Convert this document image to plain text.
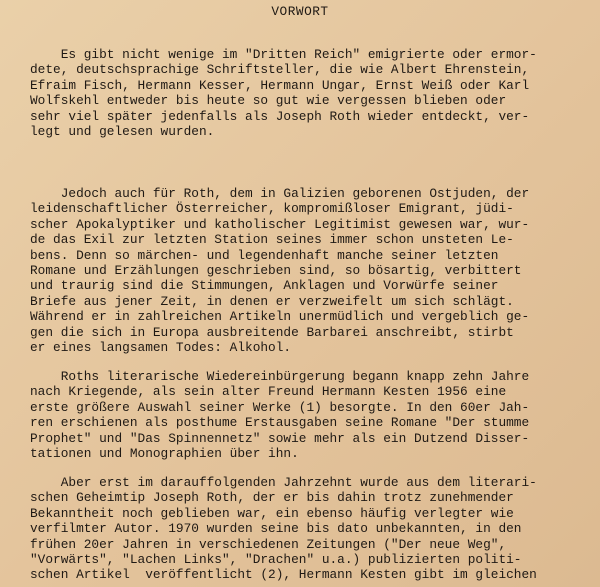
VORWORT
Es gibt nicht wenige im "Dritten Reich" emigrierte oder ermor-
dete, deutschsprachige Schriftsteller, die wie Albert Ehrenstein,
Efraim Fisch, Hermann Kesser, Hermann Ungar, Ernst Weiß oder Karl
Wolfskehl entweder bis heute so gut wie vergessen blieben oder
sehr viel später jedenfalls als Joseph Roth wieder entdeckt, ver-
legt und gelesen wurden.
Jedoch auch für Roth, dem in Galizien geborenen Ostjuden, der
leidenschaftlicher Österreicher, kompromißloser Emigrant, jüdi-
scher Apokalyptiker und katholischer Legitimist gewesen war, wur-
de das Exil zur letzten Station seines immer schon unsteten Le-
bens. Denn so märchen- und legendenhaft manche seiner letzten
Romane und Erzählungen geschrieben sind, so bösartig, verbittert
und traurig sind die Stimmungen, Anklagen und Vorwürfe seiner
Briefe aus jener Zeit, in denen er verzweifelt um sich schlägt.
Während er in zahlreichen Artikeln unermüdlich und vergeblich ge-
gen die sich in Europa ausbreitende Barbarei anschreibt, stirbt
er eines langsamen Todes: Alkohol.
Roths literarische Wiedereinbürgerung begann knapp zehn Jahre
nach Kriegende, als sein alter Freund Hermann Kesten 1956 eine
erste größere Auswahl seiner Werke (1) besorgte. In den 60er Jah-
ren erschienen als posthume Erstausgaben seine Romane "Der stumme
Prophet" und "Das Spinnennetz" sowie mehr als ein Dutzend Disser-
tationen und Monographien über ihn.
Aber erst im darauffolgenden Jahrzehnt wurde aus dem literari-
schen Geheimtip Joseph Roth, der er bis dahin trotz zunehmender
Bekanntheit noch geblieben war, ein ebenso häufig verlegter wie
verfilmter Autor. 1970 wurden seine bis dato unbekannten, in den
frühen 20er Jahren in verschiedenen Zeitungen ("Der neue Weg",
"Vorwärts", "Lachen Links", "Drachen" u.a.) publizierten politi-
schen Artikel  veröffentlicht (2), Hermann Kesten gibt im gleichen
